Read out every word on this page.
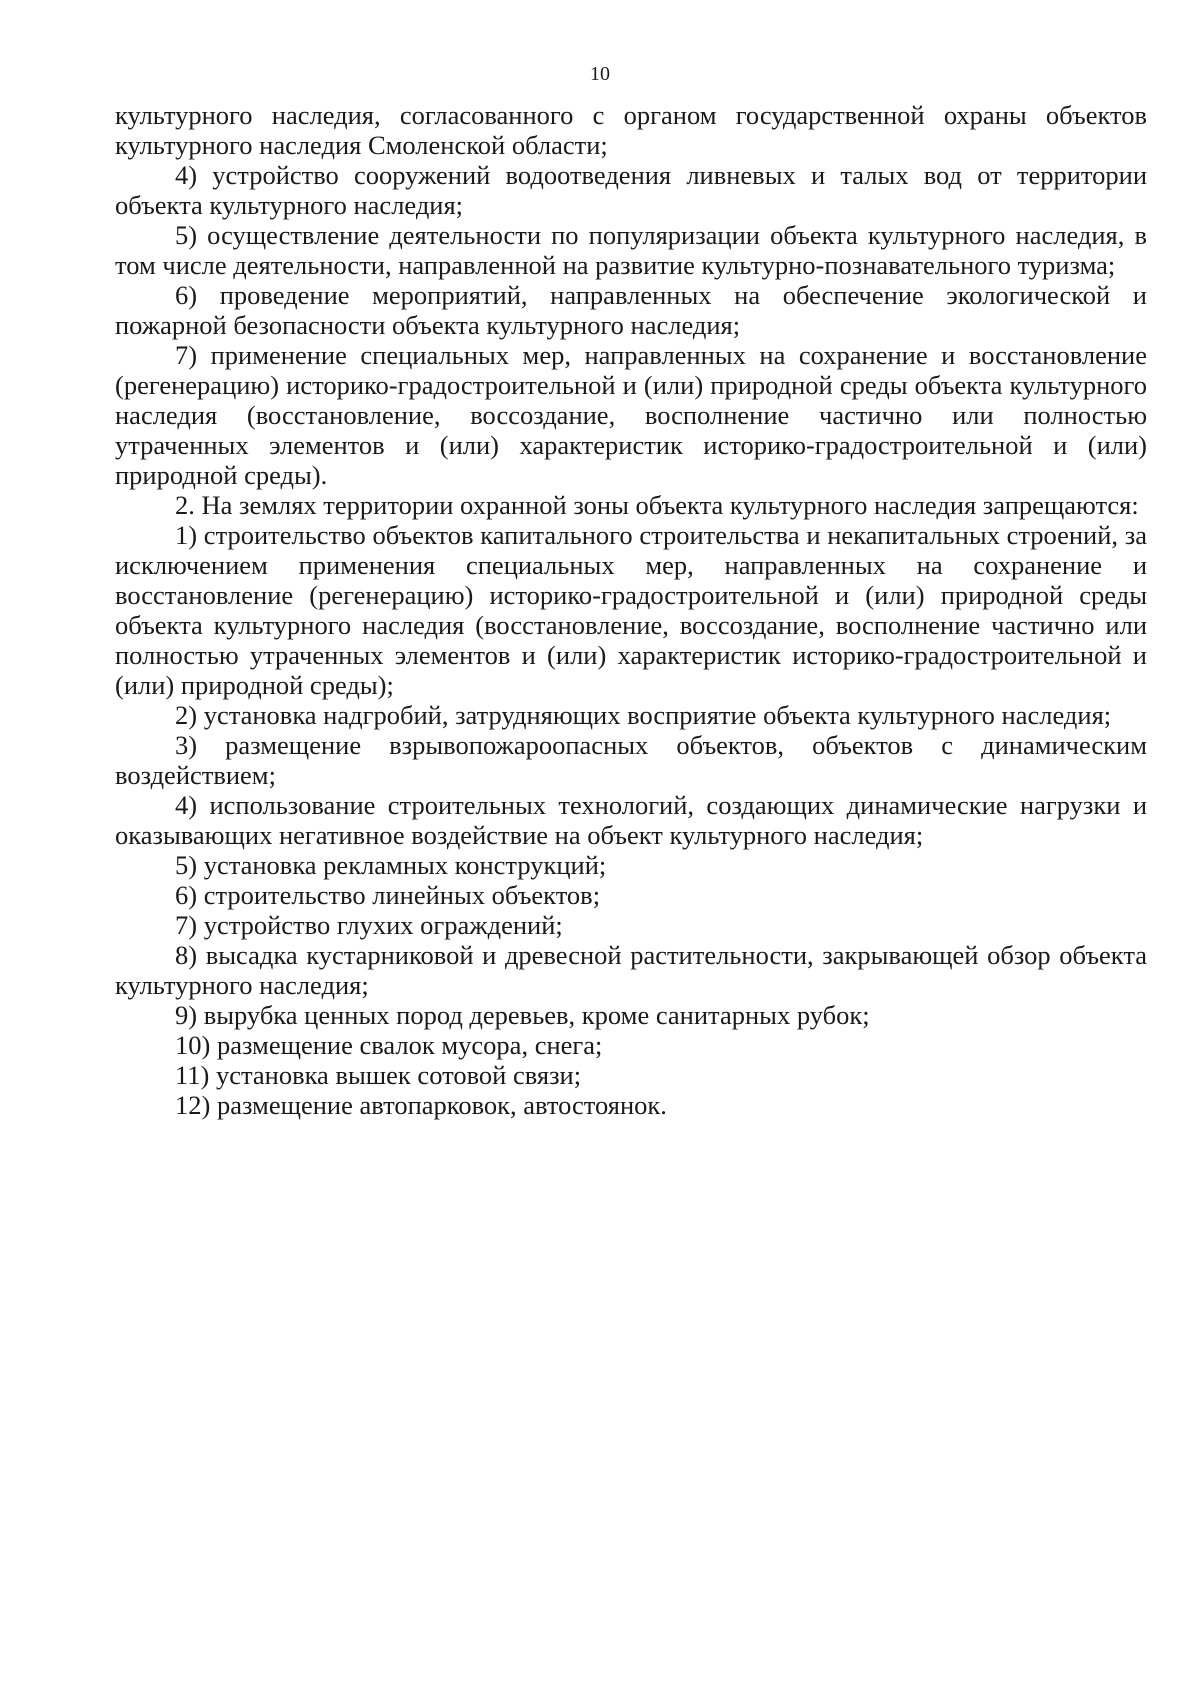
10

культурного наследия, согласованного с органом государственной охраны объектов культурного наследия Смоленской области;

4) устройство сооружений водоотведения ливневых и талых вод от территории объекта культурного наследия;

5) осуществление деятельности по популяризации объекта культурного наследия, в том числе деятельности, направленной на развитие культурно-познавательного туризма;

6) проведение мероприятий, направленных на обеспечение экологической и пожарной безопасности объекта культурного наследия;

7) применение специальных мер, направленных на сохранение и восстановление (регенерацию) историко-градостроительной и (или) природной среды объекта культурного наследия (восстановление, воссоздание, восполнение частично или полностью утраченных элементов и (или) характеристик историко-градостроительной и (или) природной среды).

2. На землях территории охранной зоны объекта культурного наследия запрещаются:

1) строительство объектов капитального строительства и некапитальных строений, за исключением применения специальных мер, направленных на сохранение и восстановление (регенерацию) историко-градостроительной и (или) природной среды объекта культурного наследия (восстановление, воссоздание, восполнение частично или полностью утраченных элементов и (или) характеристик историко-градостроительной и (или) природной среды);

2) установка надгробий, затрудняющих восприятие объекта культурного наследия;

3) размещение взрывопожароопасных объектов, объектов с динамическим воздействием;

4) использование строительных технологий, создающих динамические нагрузки и оказывающих негативное воздействие на объект культурного наследия;

5) установка рекламных конструкций;

6) строительство линейных объектов;

7) устройство глухих ограждений;

8) высадка кустарниковой и древесной растительности, закрывающей обзор объекта культурного наследия;

9) вырубка ценных пород деревьев, кроме санитарных рубок;

10) размещение свалок мусора, снега;

11) установка вышек сотовой связи;

12) размещение автопарковок, автостоянок.
